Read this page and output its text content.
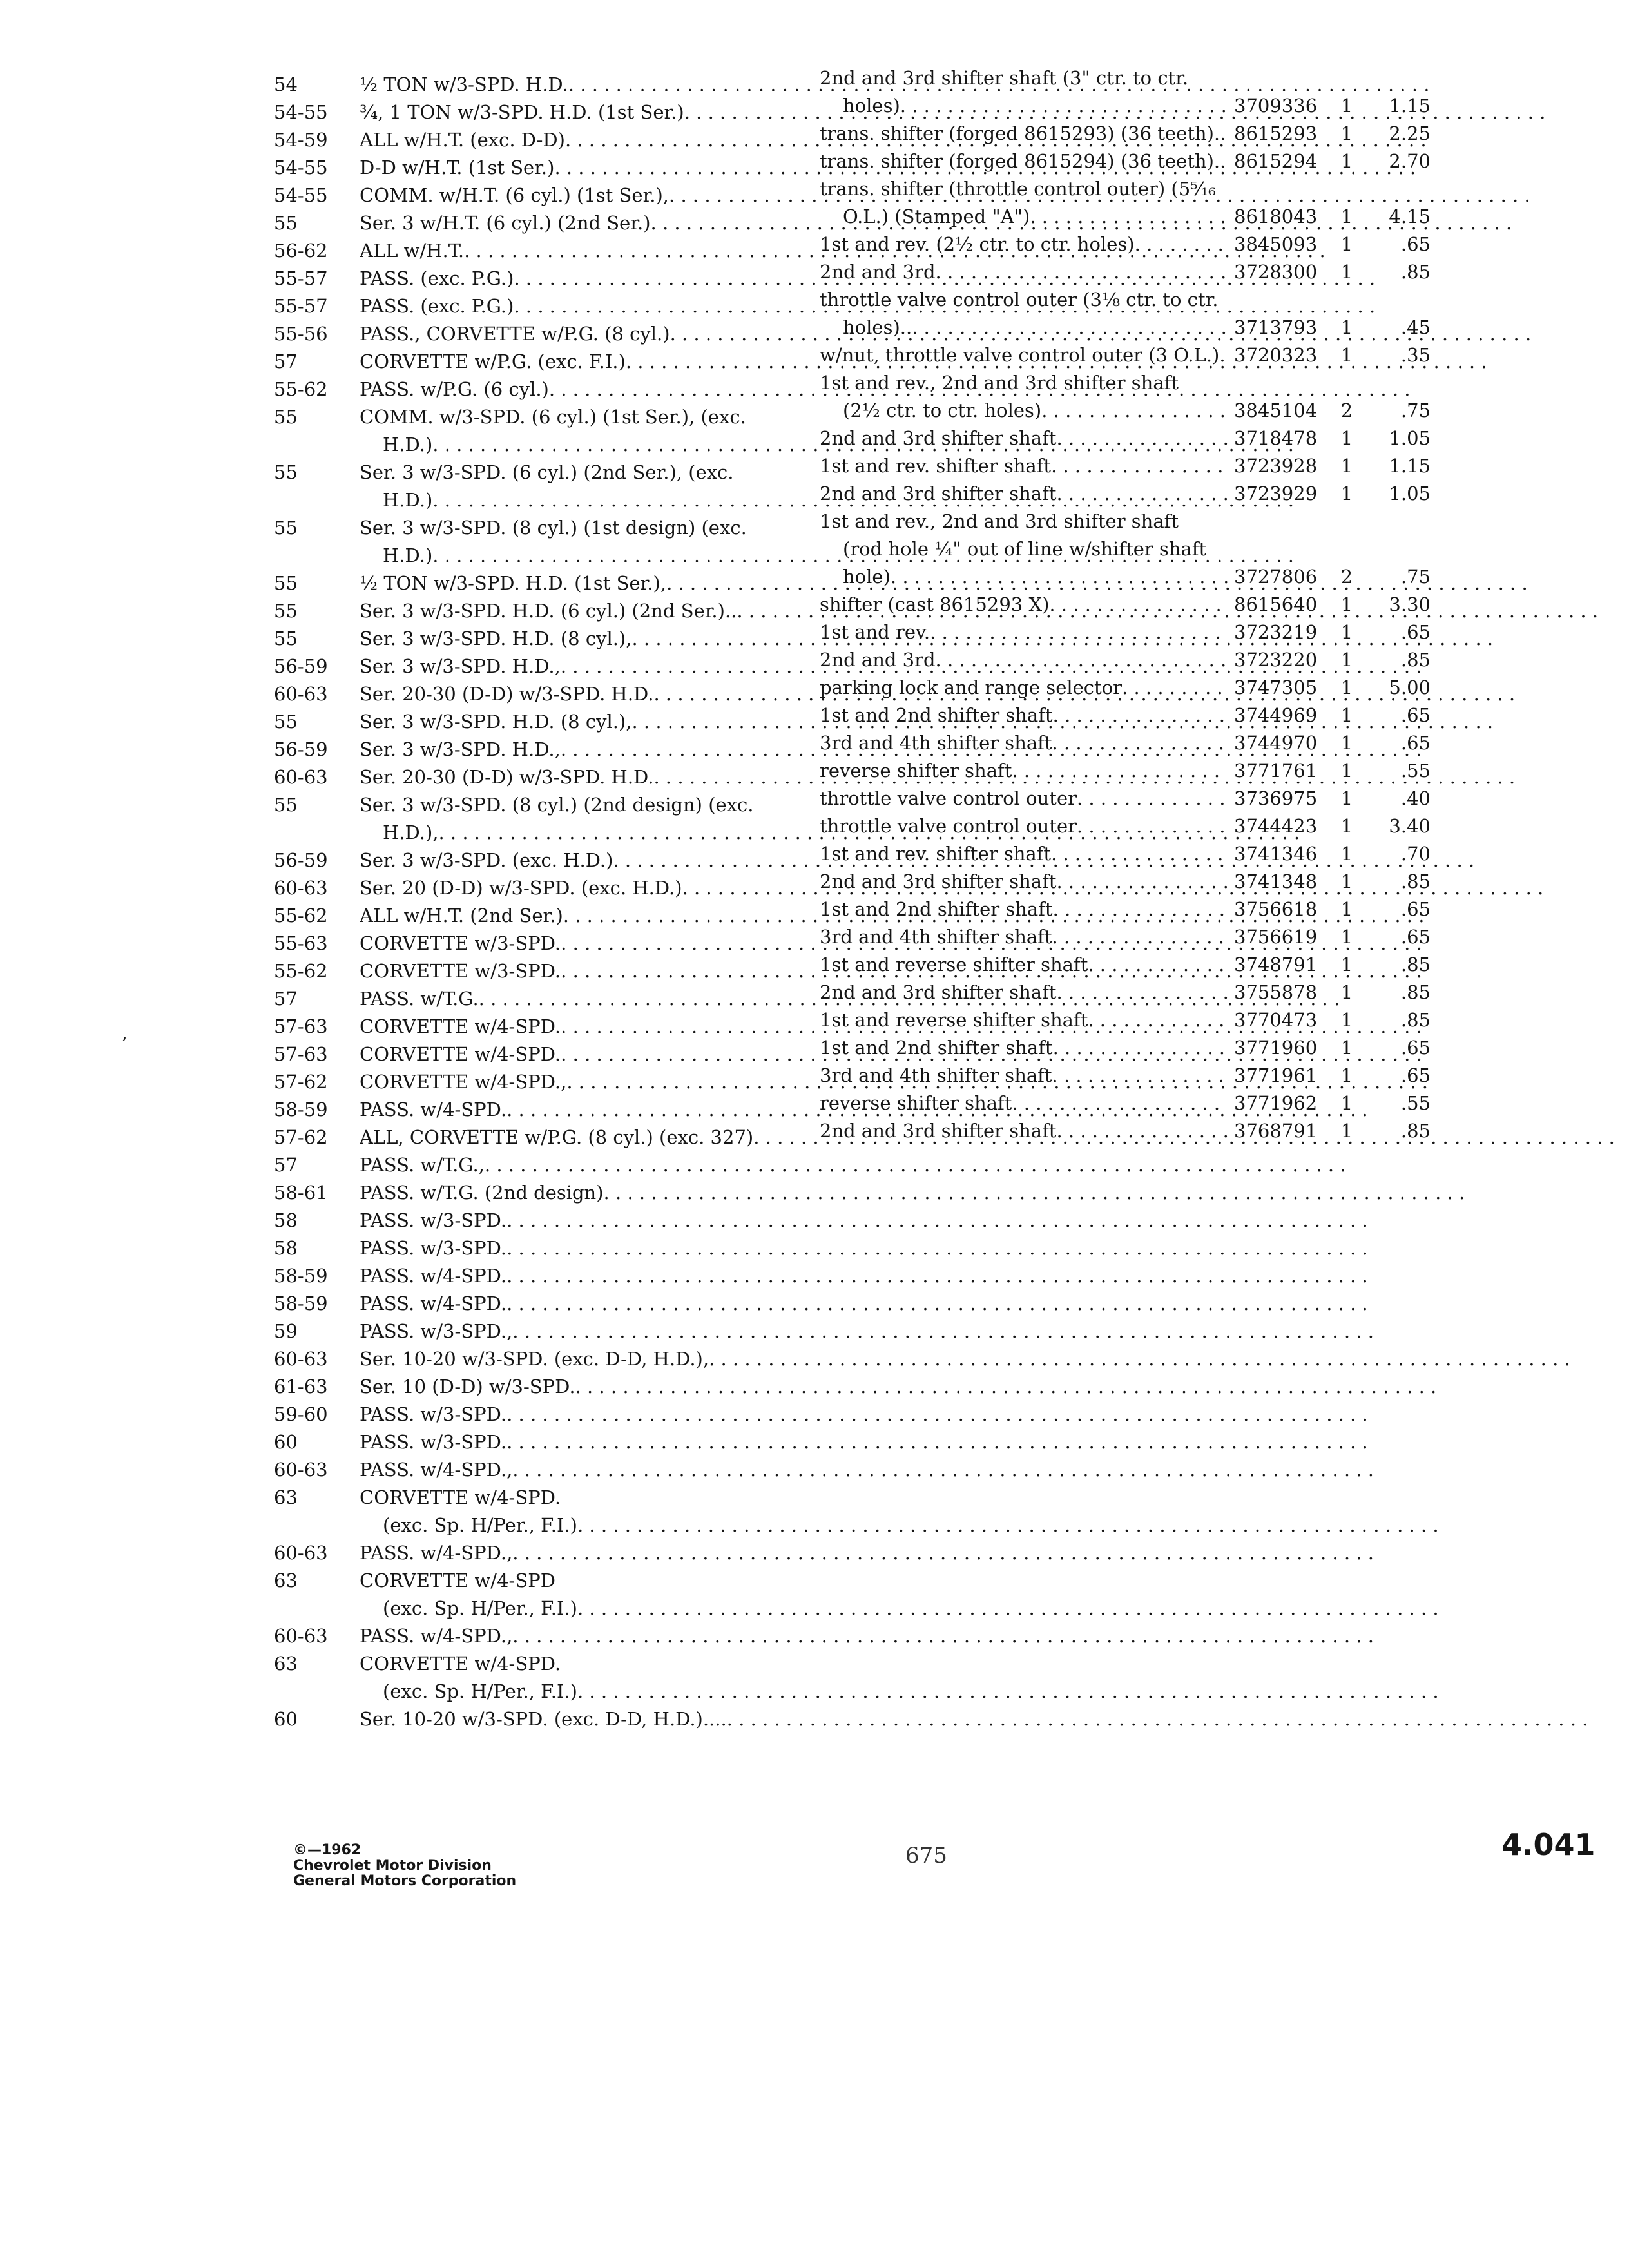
54	½ TON w/3-SPD. H.D.
. . .
54-55	¾, 1 TON w/3-SPD. H.D. (1st Ser.)
. . .
54-59	ALL w/H.T. (exc. D-D)
. . .
54-55	D-D w/H.T. (1st Ser.)
. . .
54-55	COMM. w/H.T. (6 cyl.) (1st Ser.),
. . .
55	Ser. 3 w/H.T. (6 cyl.) (2nd Ser.)
. . .
56-62	ALL w/H.T.
. . .
55-57	PASS. (exc. P.G.)
. . .
55-57	PASS. (exc. P.G.)
. . .
55-56	PASS., CORVETTE w/P.G. (8 cyl.)
. . .
57	CORVETTE w/P.G. (exc. F.I.)
. . .
55-62	PASS. w/P.G. (6 cyl.)
. . .
55	COMM. w/3-SPD. (6 cyl.) (1st Ser.), (exc.
H.D.)
. . .
55	Ser. 3 w/3-SPD. (6 cyl.) (2nd Ser.), (exc.
H.D.)
. . .
55	Ser. 3 w/3-SPD. (8 cyl.) (1st design) (exc.
H.D.)
. . .
55	½ TON w/3-SPD. H.D. (1st Ser.),
. . .
55	Ser. 3 w/3-SPD. H.D. (6 cyl.) (2nd Ser.)..
. . .
55	Ser. 3 w/3-SPD. H.D. (8 cyl.),
. . .
56-59	Ser. 3 w/3-SPD. H.D.,
. . .
60-63	Ser. 20-30 (D-D) w/3-SPD. H.D.
. . .
55	Ser. 3 w/3-SPD. H.D. (8 cyl.),
. . .
56-59	Ser. 3 w/3-SPD. H.D.,
. . .
60-63	Ser. 20-30 (D-D) w/3-SPD. H.D.
. . .
55	Ser. 3 w/3-SPD. (8 cyl.) (2nd design) (exc.
H.D.),
. . .
56-59	Ser. 3 w/3-SPD. (exc. H.D.)
. . .
60-63	Ser. 20 (D-D) w/3-SPD. (exc. H.D.)
. . .
55-62	ALL w/H.T. (2nd Ser.)
. . .
55-63	CORVETTE w/3-SPD.
. . .
55-62	CORVETTE w/3-SPD.
. . .
57	PASS. w/T.G.
. . .
57-63	CORVETTE w/4-SPD.
. . .
57-63	CORVETTE w/4-SPD.
. . .
57-62	CORVETTE w/4-SPD.,
. . .
58-59	PASS. w/4-SPD.
. . .
57-62	ALL, CORVETTE w/P.G. (8 cyl.) (exc. 327)
. . .
57	PASS. w/T.G.,
. . .
58-61	PASS. w/T.G. (2nd design)
. . .
58	PASS. w/3-SPD.
. . .
58	PASS. w/3-SPD.
. . .
58-59	PASS. w/4-SPD.
. . .
58-59	PASS. w/4-SPD.
. . .
59	PASS. w/3-SPD.,
. . .
60-63	Ser. 10-20 w/3-SPD. (exc. D-D, H.D.),
. . .
61-63	Ser. 10 (D-D) w/3-SPD.
. . .
59-60	PASS. w/3-SPD.
. . .
60	PASS. w/3-SPD.
. . .
60-63	PASS. w/4-SPD.,
. . .
63	CORVETTE w/4-SPD.
(exc. Sp. H/Per., F.I.)
. . .
60-63	PASS. w/4-SPD.,
. . .
63	CORVETTE w/4-SPD
(exc. Sp. H/Per., F.I.)
. . .
60-63	PASS. w/4-SPD.,
. . .
63	CORVETTE w/4-SPD.
(exc. Sp. H/Per., F.I.)
. . .
60	Ser. 10-20 w/3-SPD. (exc. D-D, H.D.)....
. . .
2nd and 3rd shifter shaft (3" ctr. to ctr.
holes) . . .	3709336	1	1.15
trans. shifter (forged 8615293) (36 teeth).. . . . 8615293	1	2.25
trans. shifter (forged 8615294) (36 teeth).. . . . 8615294	1	2.70
trans. shifter (throttle control outer) (5⁵⁄₁₆
O.L.) (Stamped "A") . . .	8618043	1	4.15
1st and rev. (2½ ctr. to ctr. holes) . . .	3845093	1	.65
2nd and 3rd . . .	3728300	1	.85
throttle valve control outer (3⅛ ctr. to ctr.
holes).. . . .	3713793	1	.45
w/nut, throttle valve control outer (3 O.L.) . . . 3720323	1	.35
1st and rev., 2nd and 3rd shifter shaft
(2½ ctr. to ctr. holes) . . .	3845104	2	.75
2nd and 3rd shifter shaft . . .	3718478	1	1.05
1st and rev. shifter shaft . . .	3723928	1	1.15
2nd and 3rd shifter shaft . . .	3723929	1	1.05
1st and rev., 2nd and 3rd shifter shaft
(rod hole ¼" out of line w/shifter shaft
hole) . . .	3727806	2	.75
shifter (cast 8615293 X) . . .	8615640	1	3.30
1st and rev. . . .	3723219	1	.65
2nd and 3rd . . .	3723220	1	.85
parking lock and range selector . . .	3747305	1	5.00
1st and 2nd shifter shaft . . .	3744969	1	.65
3rd and 4th shifter shaft . . .	3744970	1	.65
reverse shifter shaft . . .	3771761	1	.55
throttle valve control outer . . .	3736975	1	.40
throttle valve control outer . . .	3744423	1	3.40
1st and rev. shifter shaft . . .	3741346	1	.70
2nd and 3rd shifter shaft . . .	3741348	1	.85
1st and 2nd shifter shaft . . .	3756618	1	.65
3rd and 4th shifter shaft . . .	3756619	1	.65
1st and reverse shifter shaft . . .	3748791	1	.85
2nd and 3rd shifter shaft . . .	3755878	1	.85
1st and reverse shifter shaft . . .	3770473	1	.85
1st and 2nd shifter shaft . . .	3771960	1	.65
3rd and 4th shifter shaft . . .	3771961	1	.65
reverse shifter shaft . . .	3771962	1	.55
2nd and 3rd shifter shaft . . .	3768791	1	.85
ʼ
©—1962
Chevrolet Motor Division
General Motors Corporation
675	4.041
